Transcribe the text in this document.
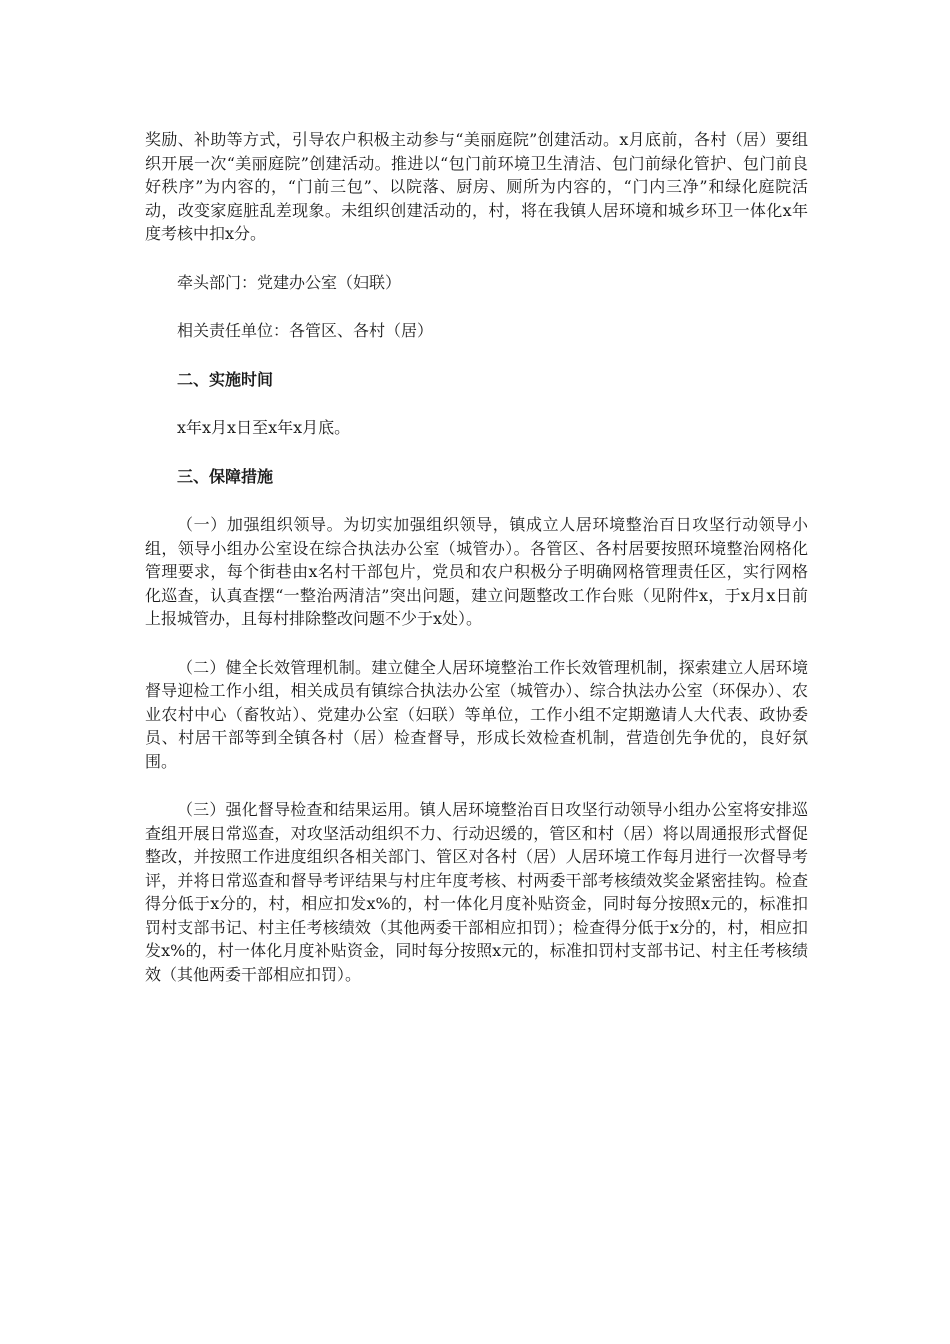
奖励、补助等方式，引导农户积极主动参与“美丽庭院”创建活动。x月底前，各村（居）要组织开展一次“美丽庭院”创建活动。推进以“包门前环境卫生清洁、包门前绿化管护、包门前良好秩序”为内容的，“门前三包”、以院落、厨房、厕所为内容的，“门内三净”和绿化庭院活动，改变家庭脏乱差现象。未组织创建活动的，村，将在我镇人居环境和城乡环卫一体化x年度考核中扣x分。

牵头部门：党建办公室（妇联）

相关责任单位：各管区、各村（居）

二、实施时间

x年x月x日至x年x月底。

三、保障措施

（一）加强组织领导。为切实加强组织领导，镇成立人居环境整治百日攻坚行动领导小组，领导小组办公室设在综合执法办公室（城管办）。各管区、各村居要按照环境整治网格化管理要求，每个街巷由x名村干部包片，党员和农户积极分子明确网格管理责任区，实行网格化巡查，认真查摆“一整治两清洁”突出问题，建立问题整改工作台账（见附件x，于x月x日前上报城管办，且每村排除整改问题不少于x处）。

（二）健全长效管理机制。建立健全人居环境整治工作长效管理机制，探索建立人居环境督导迎检工作小组，相关成员有镇综合执法办公室（城管办）、综合执法办公室（环保办）、农业农村中心（畜牧站）、党建办公室（妇联）等单位，工作小组不定期邀请人大代表、政协委员、村居干部等到全镇各村（居）检查督导，形成长效检查机制，营造创先争优的，良好氛围。

（三）强化督导检查和结果运用。镇人居环境整治百日攻坚行动领导小组办公室将安排巡查组开展日常巡查，对攻坚活动组织不力、行动迟缓的，管区和村（居）将以周通报形式督促整改，并按照工作进度组织各相关部门、管区对各村（居）人居环境工作每月进行一次督导考评，并将日常巡查和督导考评结果与村庄年度考核、村两委干部考核绩效奖金紧密挂钩。检查得分低于x分的，村，相应扣发x%的，村一体化月度补贴资金，同时每分按照x元的，标准扣罚村支部书记、村主任考核绩效（其他两委干部相应扣罚）；检查得分低于x分的，村，相应扣发x%的，村一体化月度补贴资金，同时每分按照x元的，标准扣罚村支部书记、村主任考核绩效（其他两委干部相应扣罚）。
